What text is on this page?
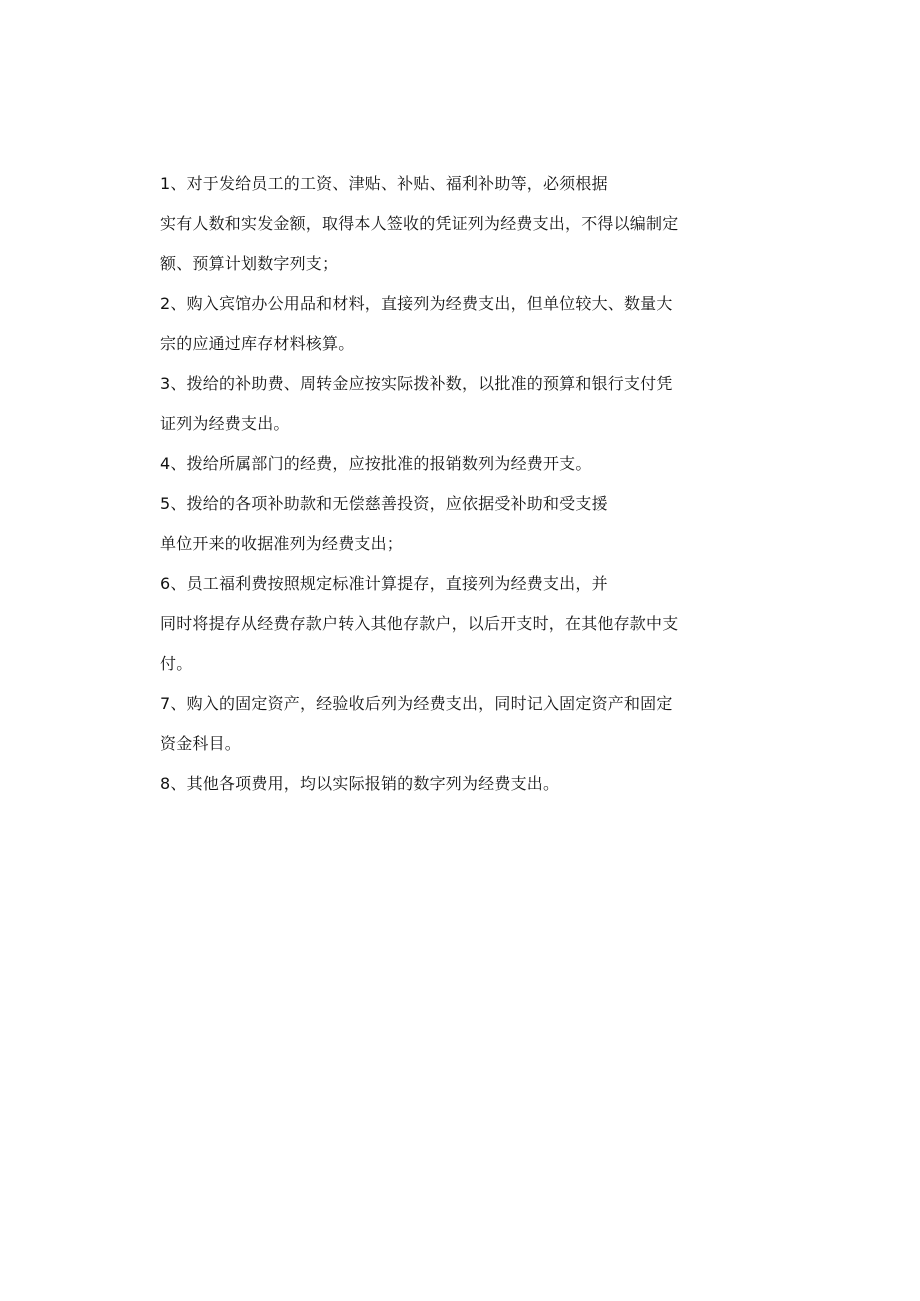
1、对于发给员工的工资、津贴、补贴、福利补助等，必须根据
实有人数和实发金额，取得本人签收的凭证列为经费支出，不得以编制定
额、预算计划数字列支；
2、购入宾馆办公用品和材料，直接列为经费支出，但单位较大、数量大
宗的应通过库存材料核算。
3、拨给的补助费、周转金应按实际拨补数，以批准的预算和银行支付凭
证列为经费支出。
4、拨给所属部门的经费，应按批准的报销数列为经费开支。
5、拨给的各项补助款和无偿慈善投资，应依据受补助和受支援
单位开来的收据准列为经费支出；
6、员工福利费按照规定标准计算提存，直接列为经费支出，并
同时将提存从经费存款户转入其他存款户，以后开支时，在其他存款中支
付。
7、购入的固定资产，经验收后列为经费支出，同时记入固定资产和固定
资金科目。
8、其他各项费用，均以实际报销的数字列为经费支出。
